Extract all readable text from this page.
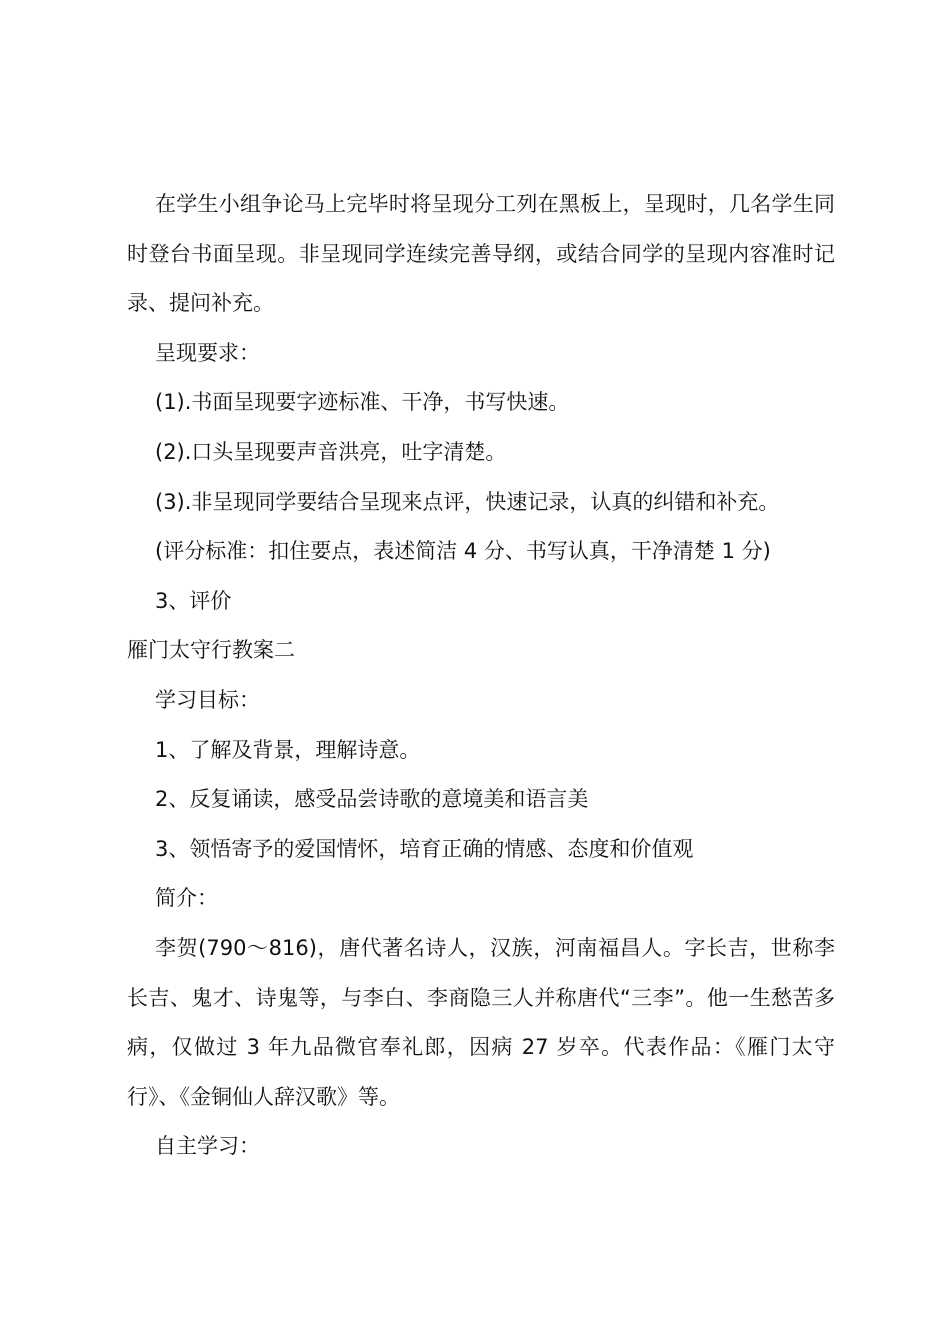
在学生小组争论马上完毕时将呈现分工列在黑板上，呈现时，几名学生同时登台书面呈现。非呈现同学连续完善导纲，或结合同学的呈现内容准时记录、提问补充。

呈现要求：

(1).书面呈现要字迹标准、干净，书写快速。

(2).口头呈现要声音洪亮，吐字清楚。

(3).非呈现同学要结合呈现来点评，快速记录，认真的纠错和补充。

(评分标准：扣住要点，表述简洁 4 分、书写认真，干净清楚 1 分)

3、评价

雁门太守行教案二

学习目标：

1、了解及背景，理解诗意。

2、反复诵读，感受品尝诗歌的意境美和语言美

3、领悟寄予的爱国情怀，培育正确的情感、态度和价值观

简介：

李贺(790～816)，唐代著名诗人，汉族，河南福昌人。字长吉，世称李长吉、鬼才、诗鬼等，与李白、李商隐三人并称唐代“三李”。他一生愁苦多病，仅做过 3 年九品微官奉礼郎，因病 27 岁卒。代表作品：《雁门太守行》、《金铜仙人辞汉歌》等。

自主学习：
